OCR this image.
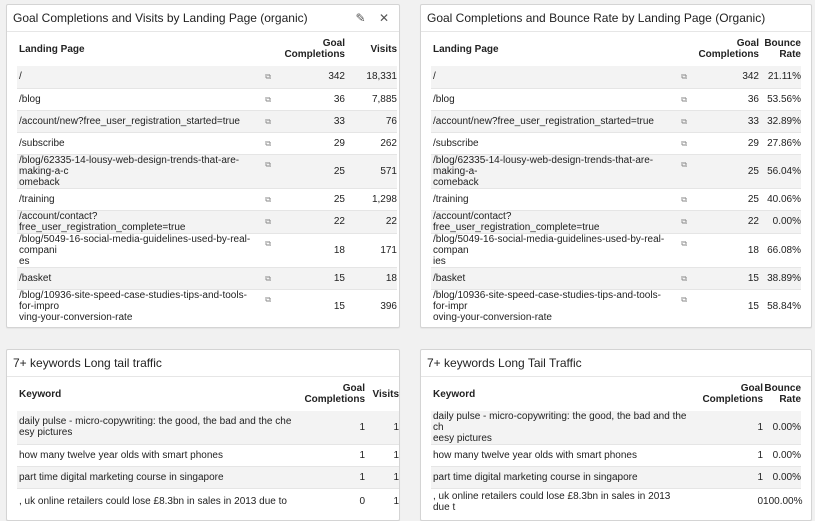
Goal Completions and Visits by Landing Page (organic)	✎ ✕
Landing Page		Goal
Completions	Visits
/	⧉	342	18,331
/blog	⧉	36	7,885
/account/new?free_user_registration_started=true	⧉	33	76
/subscribe	⧉	29	262
/blog/62335-14-lousy-web-design-trends-that-are-making-a-c
omeback	⧉	25	571
/training	⧉	25	1,298
/account/contact?free_user_registration_complete=true	⧉	22	22
/blog/5049-16-social-media-guidelines-used-by-real-compani
es	⧉	18	171
/basket	⧉	15	18
/blog/10936-site-speed-case-studies-tips-and-tools-for-impro
ving-your-conversion-rate	⧉	15	396
Goal Completions and Bounce Rate by Landing Page (Organic)
Landing Page		Goal
Completions	Bounce
Rate
/	⧉	342	21.11%
/blog	⧉	36	53.56%
/account/new?free_user_registration_started=true	⧉	33	32.89%
/subscribe	⧉	29	27.86%
/blog/62335-14-lousy-web-design-trends-that-are-making-a-
comeback	⧉	25	56.04%
/training	⧉	25	40.06%
/account/contact?free_user_registration_complete=true	⧉	22	0.00%
/blog/5049-16-social-media-guidelines-used-by-real-compan
ies	⧉	18	66.08%
/basket	⧉	15	38.89%
/blog/10936-site-speed-case-studies-tips-and-tools-for-impr
oving-your-conversion-rate	⧉	15	58.84%
7+ keywords Long tail traffic
Keyword	Goal
Completions	Visits
daily pulse - micro-copywriting: the good, the bad and the che
esy pictures	1	1
how many twelve year olds with smart phones	1	1
part time digital marketing course in singapore	1	1
, uk online retailers could lose £8.3bn in sales in 2013 due to	0	1
7+ keywords Long Tail Traffic
Keyword	Goal
Completions	Bounce
Rate
daily pulse - micro-copywriting: the good, the bad and the ch
eesy pictures	1	0.00%
how many twelve year olds with smart phones	1	0.00%
part time digital marketing course in singapore	1	0.00%
, uk online retailers could lose £8.3bn in sales in 2013 due t	0	100.00%
